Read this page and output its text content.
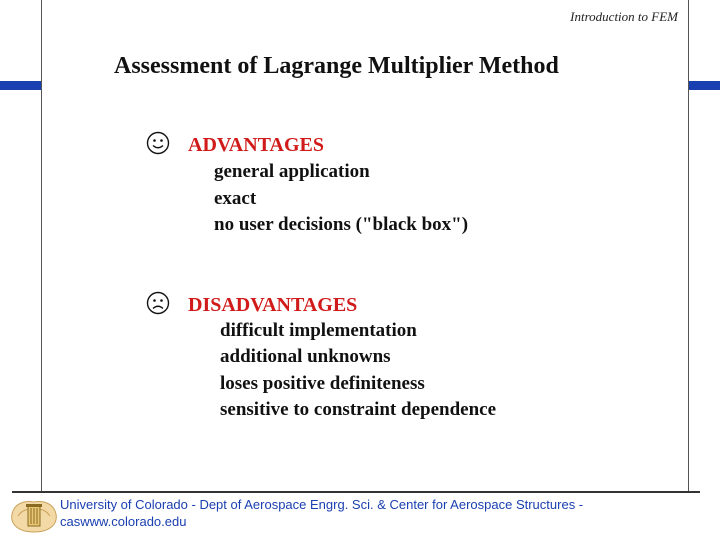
Introduction to FEM
Assessment of Lagrange Multiplier Method
ADVANTAGES
general application
exact
no user decisions ("black box")
DISADVANTAGES
difficult implementation
additional unknowns
loses positive definiteness
sensitive to constraint dependence
University of Colorado - Dept of Aerospace Engrg. Sci. & Center for Aerospace Structures -
caswww.colorado.edu
